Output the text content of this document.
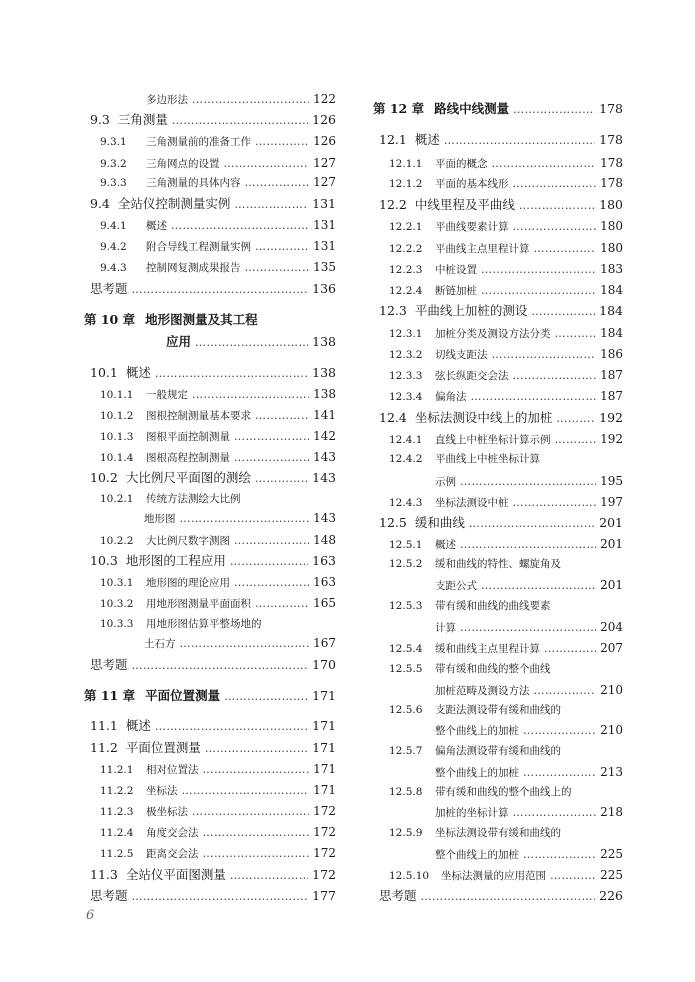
多边形法 ……………………………………………………………………………………………………………………………	122
9.3 三角测量 ……………………………………………………………………………………………………………………………	126
9.3.1	三角测量前的准备工作 ……………………………………………………………………………………………………………………………	126
9.3.2	三角网点的设置 ……………………………………………………………………………………………………………………………	127
9.3.3	三角测量的具体内容 ……………………………………………………………………………………………………………………………	127
9.4 全站仪控制测量实例 ……………………………………………………………………………………………………………………………	131
9.4.1	概述 ……………………………………………………………………………………………………………………………	131
9.4.2	附合导线工程测量实例 ……………………………………………………………………………………………………………………………	131
9.4.3	控制网复测成果报告 ……………………………………………………………………………………………………………………………	135
思考题 ……………………………………………………………………………………………………………………………	136
第 10 章 地形图测量及其工程
应用 ……………………………………………………………………………………………………………………………	138
10.1 概述 ……………………………………………………………………………………………………………………………	138
10.1.1	一般规定 ……………………………………………………………………………………………………………………………	138
10.1.2	图根控制测量基本要求 ……………………………………………………………………………………………………………………………	141
10.1.3	图根平面控制测量 ……………………………………………………………………………………………………………………………	142
10.1.4	图根高程控制测量 ……………………………………………………………………………………………………………………………	143
10.2 大比例尺平面图的测绘 ……………………………………………………………………………………………………………………………	143
10.2.1	传统方法测绘大比例
地形图 ……………………………………………………………………………………………………………………………	143
10.2.2	大比例尺数字测图 ……………………………………………………………………………………………………………………………	148
10.3 地形图的工程应用 ……………………………………………………………………………………………………………………………	163
10.3.1	地形图的理论应用 ……………………………………………………………………………………………………………………………	163
10.3.2	用地形图测量平面面积 ……………………………………………………………………………………………………………………………	165
10.3.3	用地形图估算平整场地的
土石方 ……………………………………………………………………………………………………………………………	167
思考题 ……………………………………………………………………………………………………………………………	170
第 11 章 平面位置测量 ……………………………………………………………………………………………………………………………	171
11.1 概述 ……………………………………………………………………………………………………………………………	171
11.2 平面位置测量 ……………………………………………………………………………………………………………………………	171
11.2.1	相对位置法 ……………………………………………………………………………………………………………………………	171
11.2.2	坐标法 ……………………………………………………………………………………………………………………………	171
11.2.3	极坐标法 ……………………………………………………………………………………………………………………………	172
11.2.4	角度交会法 ……………………………………………………………………………………………………………………………	172
11.2.5	距离交会法 ……………………………………………………………………………………………………………………………	172
11.3 全站仪平面图测量 ……………………………………………………………………………………………………………………………	172
思考题 ……………………………………………………………………………………………………………………………	177
第 12 章 路线中线测量 ……………………………………………………………………………………………………………………………	178
12.1 概述 ……………………………………………………………………………………………………………………………	178
12.1.1	平面的概念 ……………………………………………………………………………………………………………………………	178
12.1.2	平面的基本线形 ……………………………………………………………………………………………………………………………	178
12.2 中线里程及平曲线 ……………………………………………………………………………………………………………………………	180
12.2.1	平曲线要素计算 ……………………………………………………………………………………………………………………………	180
12.2.2	平曲线主点里程计算 ……………………………………………………………………………………………………………………………	180
12.2.3	中桩设置 ……………………………………………………………………………………………………………………………	183
12.2.4	断链加桩 ……………………………………………………………………………………………………………………………	184
12.3 平曲线上加桩的测设 ……………………………………………………………………………………………………………………………	184
12.3.1	加桩分类及测设方法分类 ……………………………………………………………………………………………………………………………	184
12.3.2	切线支距法 ……………………………………………………………………………………………………………………………	186
12.3.3	弦长纵距交会法 ……………………………………………………………………………………………………………………………	187
12.3.4	偏角法 ……………………………………………………………………………………………………………………………	187
12.4 坐标法测设中线上的加桩 ……………………………………………………………………………………………………………………………	192
12.4.1	直线上中桩坐标计算示例 ……………………………………………………………………………………………………………………………	192
12.4.2	平曲线上中桩坐标计算
示例 ……………………………………………………………………………………………………………………………	195
12.4.3	坐标法测设中桩 ……………………………………………………………………………………………………………………………	197
12.5 缓和曲线 ……………………………………………………………………………………………………………………………	201
12.5.1	概述 ……………………………………………………………………………………………………………………………	201
12.5.2	缓和曲线的特性、螺旋角及
支距公式 ……………………………………………………………………………………………………………………………	201
12.5.3	带有缓和曲线的曲线要素
计算 ……………………………………………………………………………………………………………………………	204
12.5.4	缓和曲线主点里程计算 ……………………………………………………………………………………………………………………………	207
12.5.5	带有缓和曲线的整个曲线
加桩范畴及测设方法 ……………………………………………………………………………………………………………………………	210
12.5.6	支距法测设带有缓和曲线的
整个曲线上的加桩 ……………………………………………………………………………………………………………………………	210
12.5.7	偏角法测设带有缓和曲线的
整个曲线上的加桩 ……………………………………………………………………………………………………………………………	213
12.5.8	带有缓和曲线的整个曲线上的
加桩的坐标计算 ……………………………………………………………………………………………………………………………	218
12.5.9	坐标法测设带有缓和曲线的
整个曲线上的加桩 ……………………………………………………………………………………………………………………………	225
12.5.10	坐标法测量的应用范围 ……………………………………………………………………………………………………………………………	225
思考题 ……………………………………………………………………………………………………………………………	226
6
